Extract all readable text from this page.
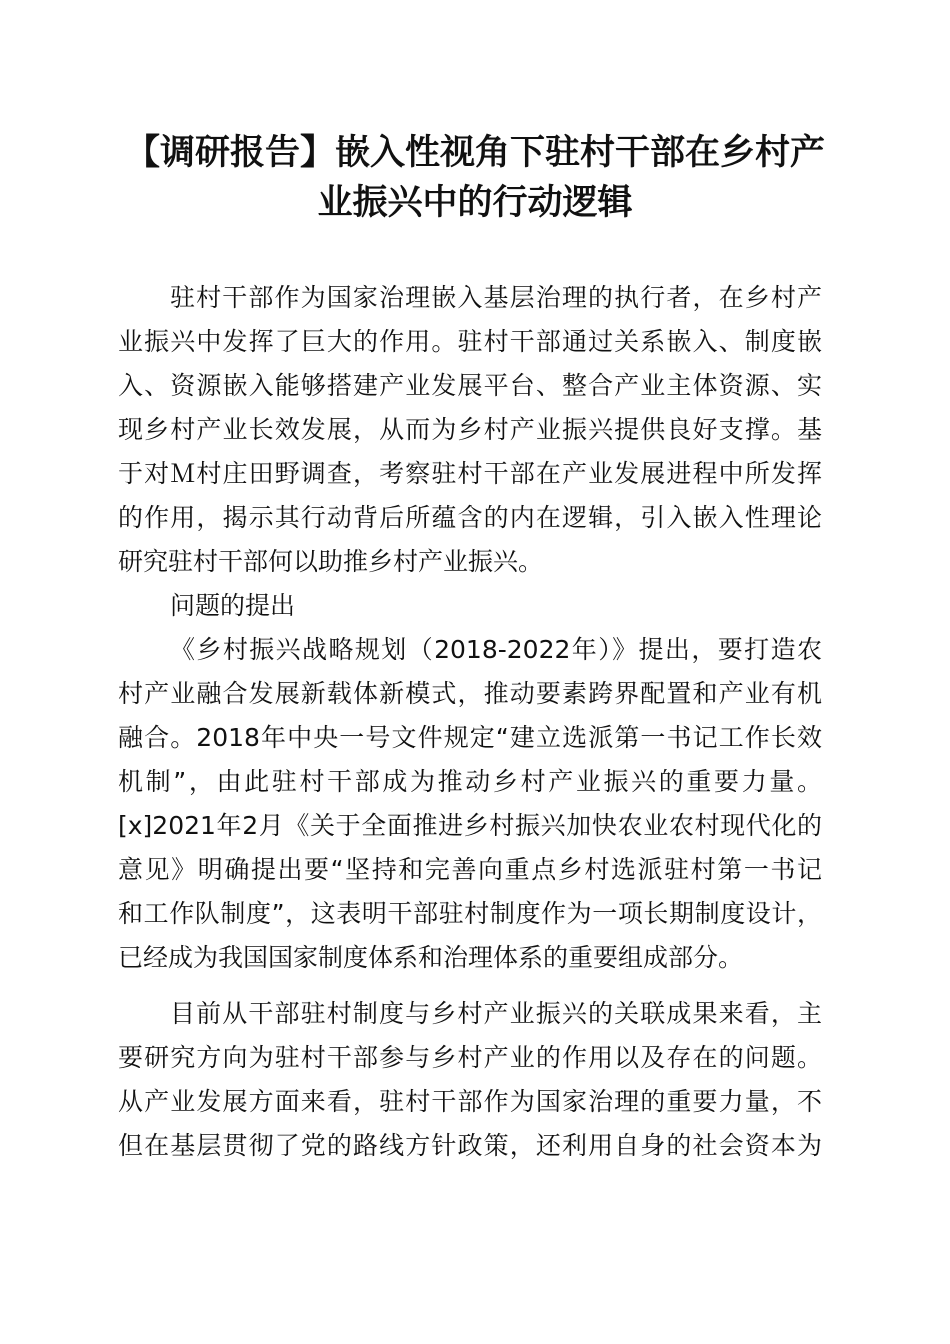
【调研报告】嵌入性视角下驻村干部在乡村产
业振兴中的行动逻辑
驻村干部作为国家治理嵌入基层治理的执行者，在乡村产
业振兴中发挥了巨大的作用。驻村干部通过关系嵌入、制度嵌
入、资源嵌入能够搭建产业发展平台、整合产业主体资源、实
现乡村产业长效发展，从而为乡村产业振兴提供良好支撑。基
于对Ｍ村庄田野调查，考察驻村干部在产业发展进程中所发挥
的作用，揭示其行动背后所蕴含的内在逻辑，引入嵌入性理论
研究驻村干部何以助推乡村产业振兴。
问题的提出
《乡村振兴战略规划（2018-2022年）》提出，要打造农
村产业融合发展新载体新模式，推动要素跨界配置和产业有机
融合。2018年中央一号文件规定“建立选派第一书记工作长效
机制”，由此驻村干部成为推动乡村产业振兴的重要力量。
[x]2021年2月《关于全面推进乡村振兴加快农业农村现代化的
意见》明确提出要“坚持和完善向重点乡村选派驻村第一书记
和工作队制度”，这表明干部驻村制度作为一项长期制度设计，
已经成为我国国家制度体系和治理体系的重要组成部分。
目前从干部驻村制度与乡村产业振兴的关联成果来看，主
要研究方向为驻村干部参与乡村产业的作用以及存在的问题。
从产业发展方面来看，驻村干部作为国家治理的重要力量，不
但在基层贯彻了党的路线方针政策，还利用自身的社会资本为
